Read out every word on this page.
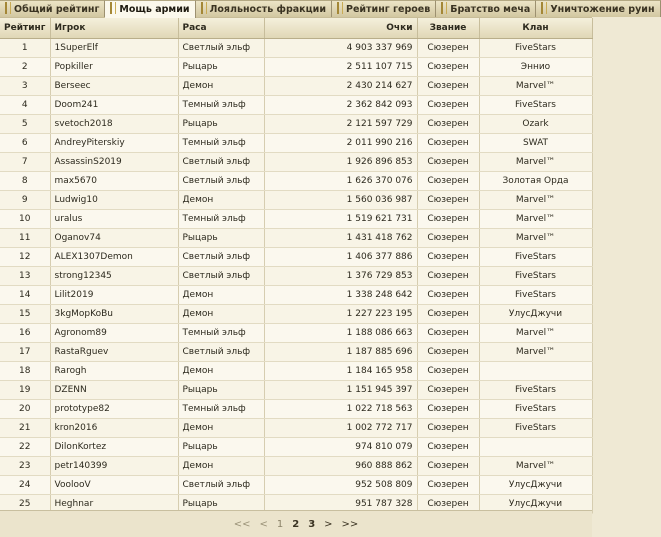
Общий рейтинг	Мощь армии	Лояльность фракции	Рейтинг героев	Братство меча	Уничтожение руин
Рейтинг	Игрок	Раса	Очки	Звание	Клан
1	1SuperElf	Светлый эльф	4 903 337 969	Сюзерен	FiveStars
2	Popkiller	Рыцарь	2 511 107 715	Сюзерен	Эннио
3	Berseec	Демон	2 430 214 627	Сюзерен	Marvel™
4	Doom241	Темный эльф	2 362 842 093	Сюзерен	FiveStars
5	svetoch2018	Рыцарь	2 121 597 729	Сюзерен	Ozark
6	AndreyPiterskiy	Темный эльф	2 011 990 216	Сюзерен	SWAT
7	AssassinS2019	Светлый эльф	1 926 896 853	Сюзерен	Marvel™
8	max5670	Светлый эльф	1 626 370 076	Сюзерен	Золотая Орда
9	Ludwig10	Демон	1 560 036 987	Сюзерен	Marvel™
10	uralus	Темный эльф	1 519 621 731	Сюзерен	Marvel™
11	Oganov74	Рыцарь	1 431 418 762	Сюзерен	Marvel™
12	ALEX1307Demon	Светлый эльф	1 406 377 886	Сюзерен	FiveStars
13	strong12345	Светлый эльф	1 376 729 853	Сюзерен	FiveStars
14	Lilit2019	Демон	1 338 248 642	Сюзерен	FiveStars
15	3kgMopKoBu	Демон	1 227 223 195	Сюзерен	УлусДжучи
16	Agronom89	Темный эльф	1 188 086 663	Сюзерен	Marvel™
17	RastaRguev	Светлый эльф	1 187 885 696	Сюзерен	Marvel™
18	Rarogh	Демон	1 184 165 958	Сюзерен	
19	DZENN	Рыцарь	1 151 945 397	Сюзерен	FiveStars
20	prototype82	Темный эльф	1 022 718 563	Сюзерен	FiveStars
21	kron2016	Демон	1 002 772 717	Сюзерен	FiveStars
22	DilonKortez	Рыцарь	974 810 079	Сюзерен	
23	petr140399	Демон	960 888 862	Сюзерен	Marvel™
24	VoolooV	Светлый эльф	952 508 809	Сюзерен	УлусДжучи
25	Heghnar	Рыцарь	951 787 328	Сюзерен	УлусДжучи
<< < 1 2 3 > >>
